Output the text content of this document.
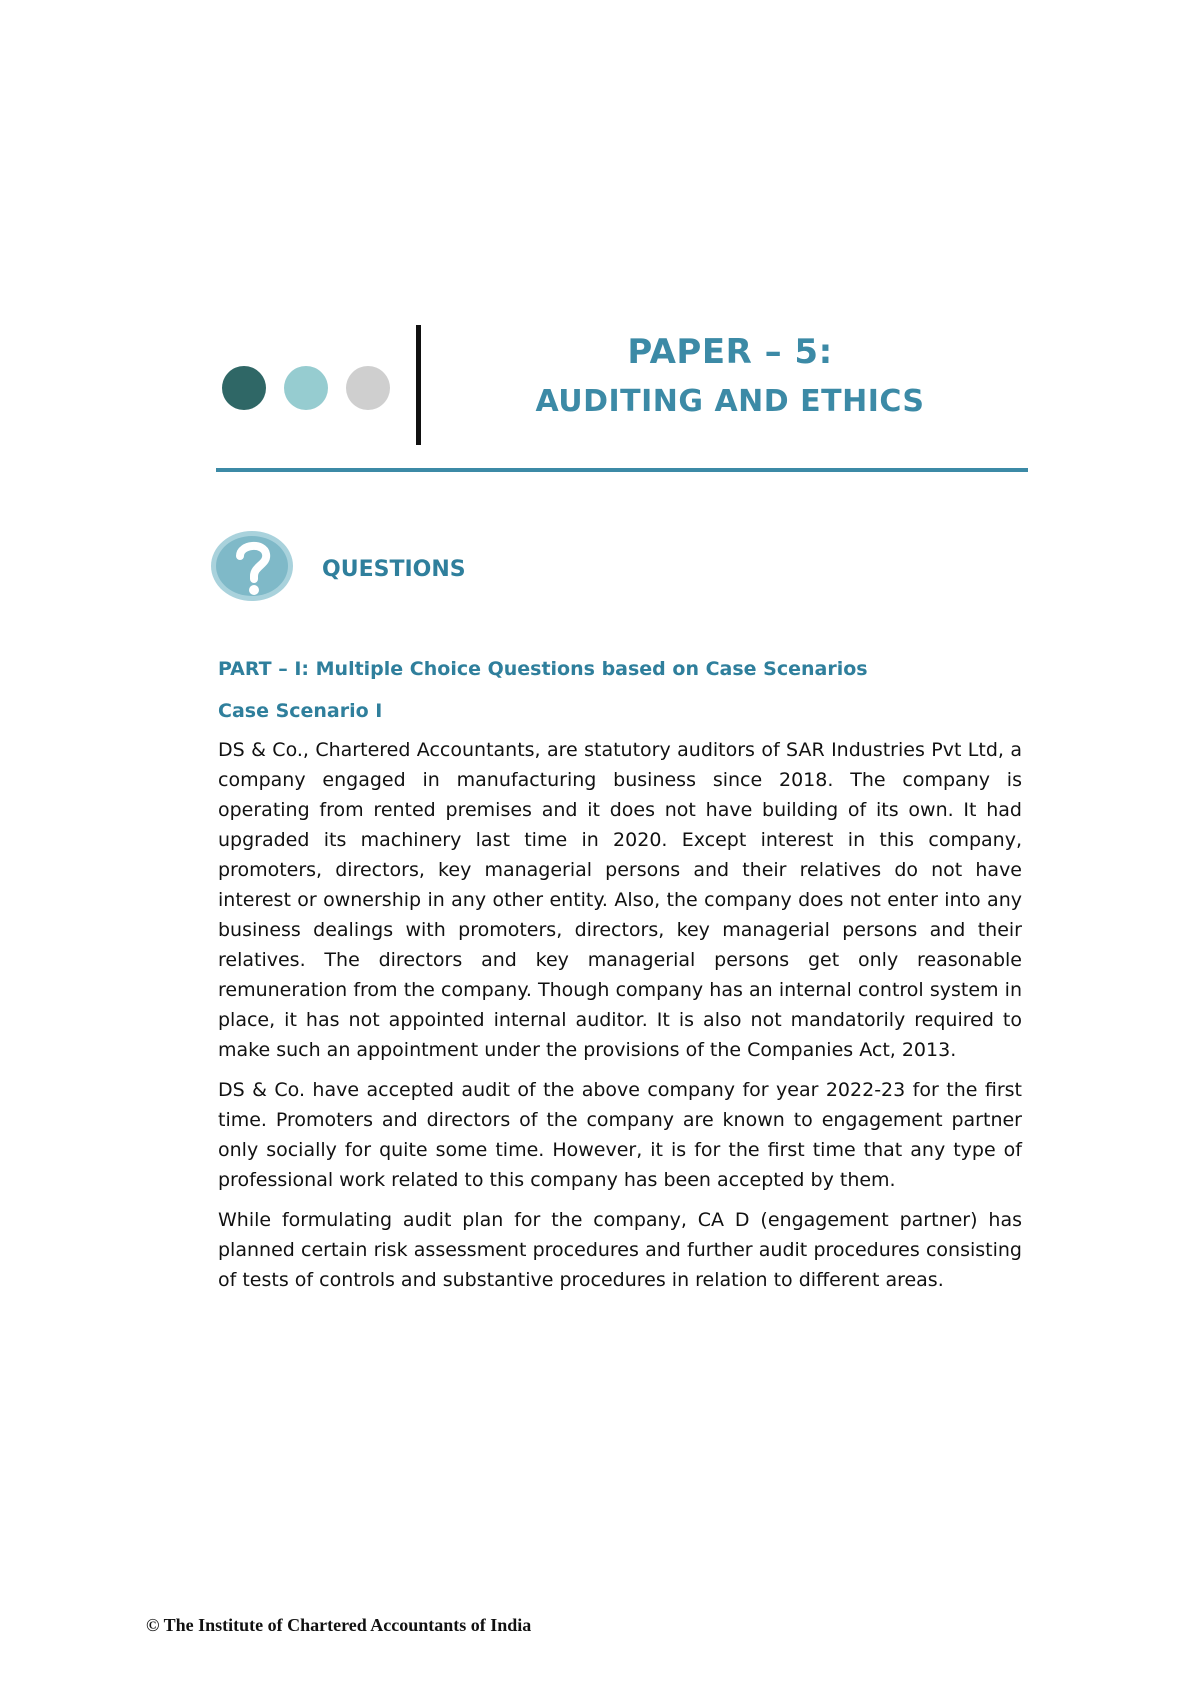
PAPER – 5:
AUDITING AND ETHICS
QUESTIONS
PART – I: Multiple Choice Questions based on Case Scenarios
Case Scenario I

DS & Co., Chartered Accountants, are statutory auditors of SAR Industries Pvt Ltd, a company engaged in manufacturing business since 2018. The company is operating from rented premises and it does not have building of its own. It had upgraded its machinery last time in 2020. Except interest in this company, promoters, directors, key managerial persons and their relatives do not have interest or ownership in any other entity. Also, the company does not enter into any business dealings with promoters, directors, key managerial persons and their relatives. The directors and key managerial persons get only reasonable remuneration from the company. Though company has an internal control system in place, it has not appointed internal auditor. It is also not mandatorily required to make such an appointment under the provisions of the Companies Act, 2013.

DS & Co. have accepted audit of the above company for year 2022-23 for the first time. Promoters and directors of the company are known to engagement partner only socially for quite some time. However, it is for the first time that any type of professional work related to this company has been accepted by them.

While formulating audit plan for the company, CA D (engagement partner) has planned certain risk assessment procedures and further audit procedures consisting of tests of controls and substantive procedures in relation to different areas.

© The Institute of Chartered Accountants of India
